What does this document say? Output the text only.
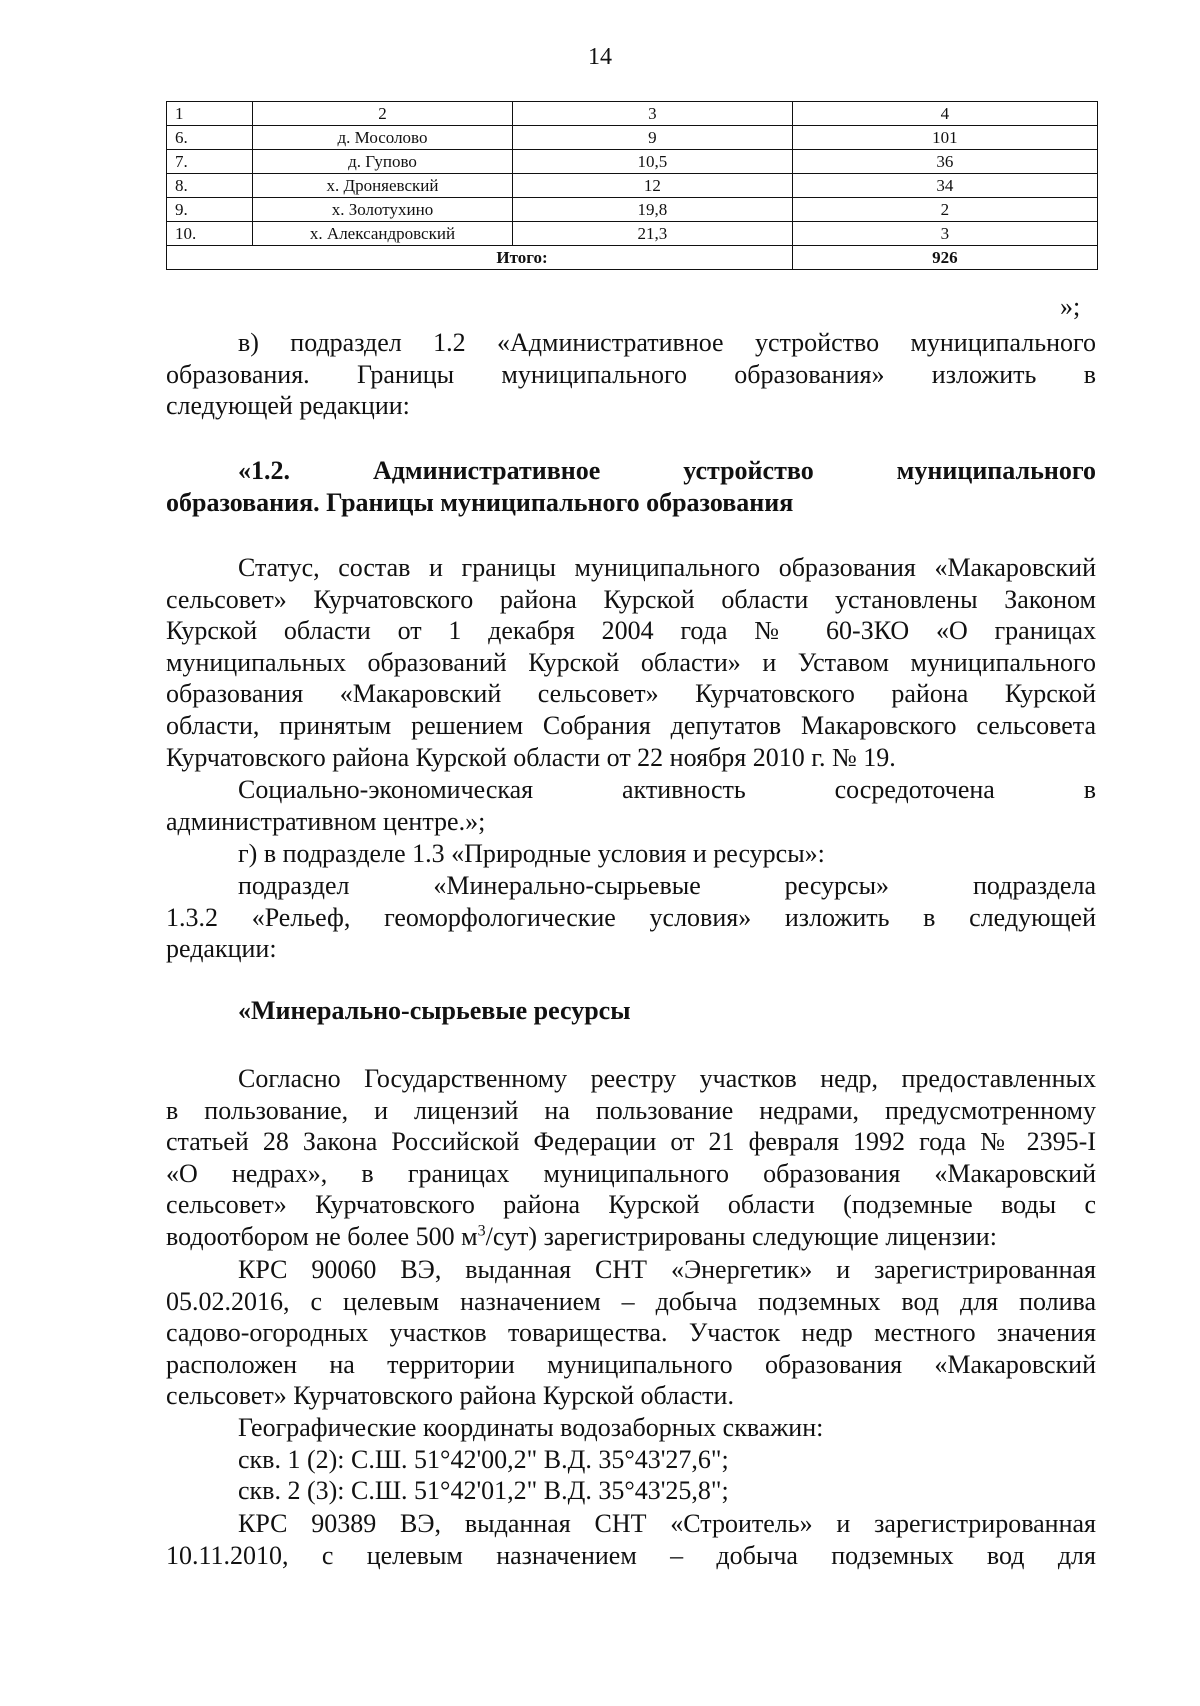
14
1	2	3	4
6.	д. Мосолово	9	101
7.	д. Гупово	10,5	36
8.	х. Дроняевский	12	34
9.	х. Золотухино	19,8	2
10.	х. Александровский	21,3	3
Итого:			926
»;
в) подраздел 1.2 «Административное устройство муниципального
образования. Границы муниципального образования» изложить в
следующей редакции:
«1.2. Административное устройство муниципального
образования. Границы муниципального образования
Статус, состав и границы муниципального образования «Макаровский
сельсовет» Курчатовского района Курской области установлены Законом
Курской области от 1 декабря 2004 года № 60-ЗКО «О границах
муниципальных образований Курской области» и Уставом муниципального
образования «Макаровский сельсовет» Курчатовского района Курской
области, принятым решением Собрания депутатов Макаровского сельсовета
Курчатовского района Курской области от 22 ноября 2010 г. № 19.
Социально-экономическая активность сосредоточена в
административном центре.»;
г) в подразделе 1.3 «Природные условия и ресурсы»:
подраздел «Минерально-сырьевые ресурсы» подраздела
1.3.2 «Рельеф, геоморфологические условия» изложить в следующей
редакции:
«Минерально-сырьевые ресурсы
Согласно Государственному реестру участков недр, предоставленных
в пользование, и лицензий на пользование недрами, предусмотренному
статьей 28 Закона Российской Федерации от 21 февраля 1992 года № 2395-I
«О недрах», в границах муниципального образования «Макаровский
сельсовет» Курчатовского района Курской области (подземные воды с
водоотбором не более 500 $м^3/сут$) зарегистрированы следующие лицензии:
КРС 90060 ВЭ, выданная СНТ «Энергетик» и зарегистрированная
05.02.2016, с целевым назначением – добыча подземных вод для полива
садово-огородных участков товарищества. Участок недр местного значения
расположен на территории муниципального образования «Макаровский
сельсовет» Курчатовского района Курской области.
Географические координаты водозаборных скважин:
скв. 1 (2): С.Ш. 51°42'00,2" В.Д. 35°43'27,6";
скв. 2 (3): С.Ш. 51°42'01,2" В.Д. 35°43'25,8";
КРС 90389 ВЭ, выданная СНТ «Строитель» и зарегистрированная
10.11.2010, с целевым назначением – добыча подземных вод для
